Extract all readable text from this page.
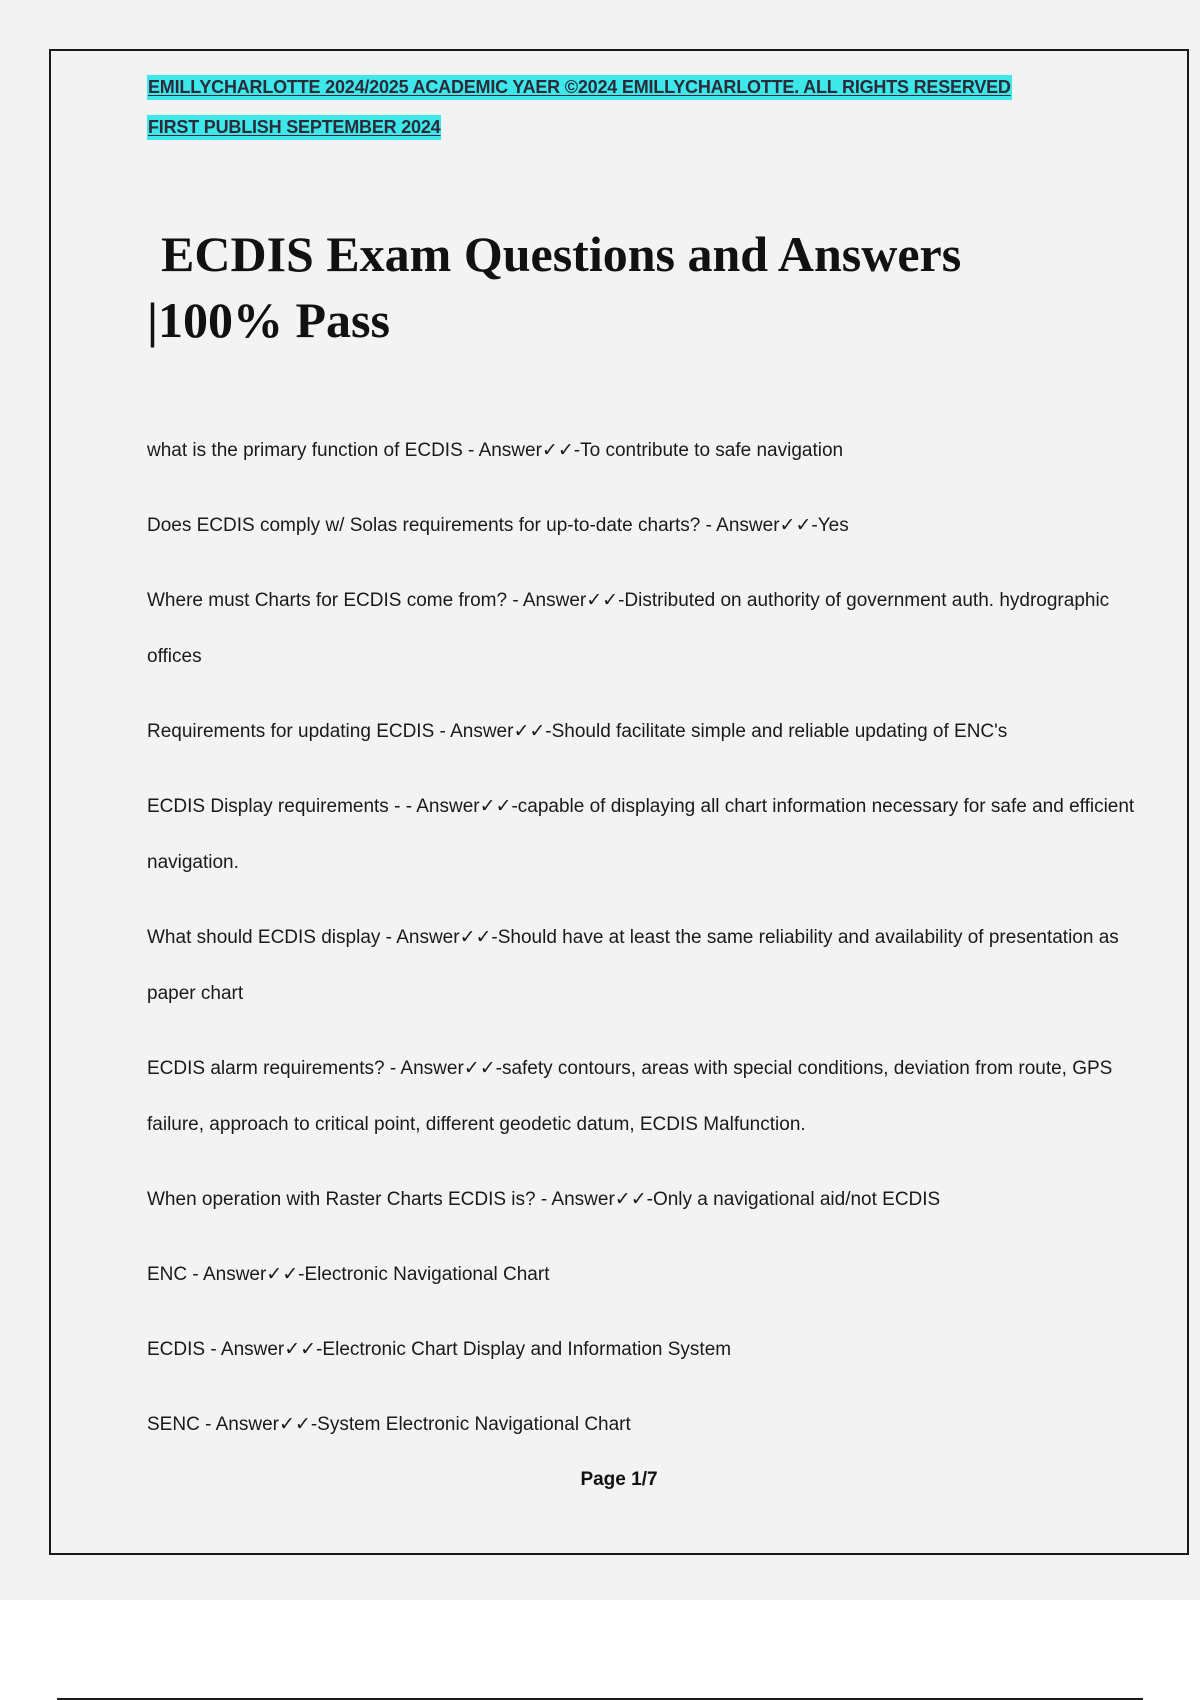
EMILLYCHARLOTTE 2024/2025 ACADEMIC YAER ©2024 EMILLYCHARLOTTE. ALL RIGHTS RESERVED
FIRST PUBLISH SEPTEMBER 2024
ECDIS Exam Questions and Answers
|100% Pass
what is the primary function of ECDIS - Answer✓✓-To contribute to safe navigation
Does ECDIS comply w/ Solas requirements for up-to-date charts? - Answer✓✓-Yes
Where must Charts for ECDIS come from? - Answer✓✓-Distributed on authority of government auth. hydrographic offices
Requirements for updating ECDIS - Answer✓✓-Should facilitate simple and reliable updating of ENC's
ECDIS Display requirements - - Answer✓✓-capable of displaying all chart information necessary for safe and efficient navigation.
What should ECDIS display - Answer✓✓-Should have at least the same reliability and availability of presentation as paper chart
ECDIS alarm requirements? - Answer✓✓-safety contours, areas with special conditions, deviation from route, GPS failure, approach to critical point, different geodetic datum, ECDIS Malfunction.
When operation with Raster Charts ECDIS is? - Answer✓✓-Only a navigational aid/not ECDIS
ENC - Answer✓✓-Electronic Navigational Chart
ECDIS - Answer✓✓-Electronic Chart Display and Information System
SENC - Answer✓✓-System Electronic Navigational Chart
Page 1/7
